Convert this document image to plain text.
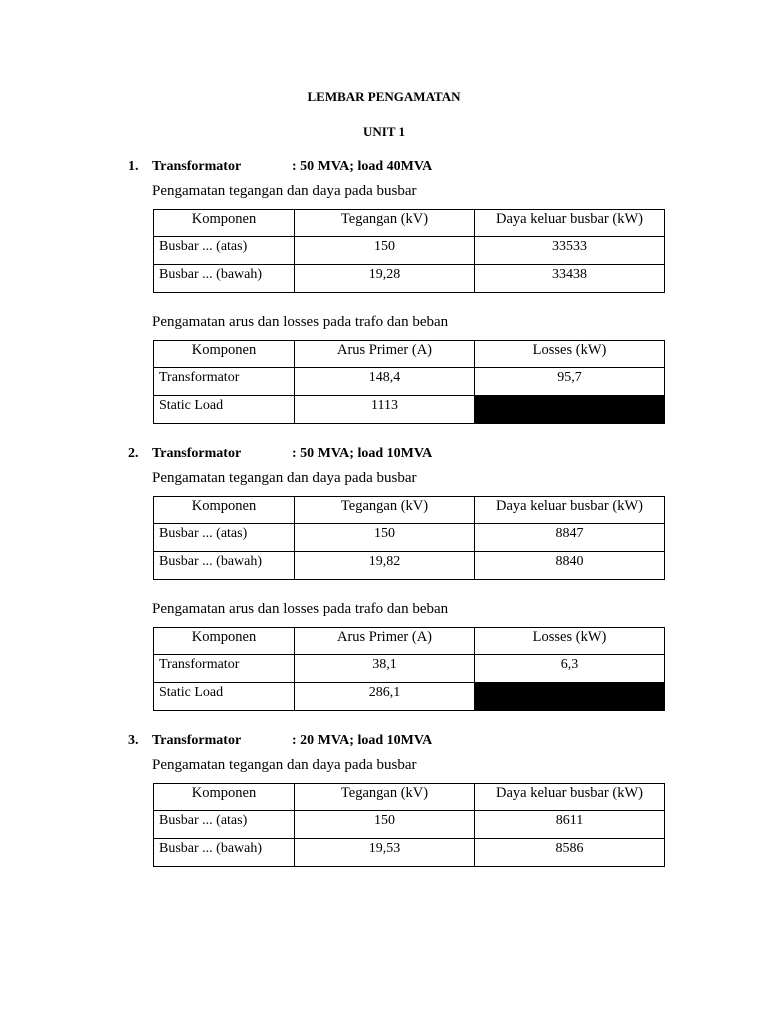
LEMBAR PENGAMATAN
UNIT 1
1. Transformator	: 50 MVA; load 40MVA
Pengamatan tegangan dan daya pada busbar
Komponen	Tegangan (kV)	Daya keluar busbar (kW)
Busbar ... (atas)	150	33533
Busbar ... (bawah)	19,28	33438
Pengamatan arus dan losses pada trafo dan beban
Komponen	Arus Primer (A)	Losses (kW)
Transformator	148,4	95,7
Static Load	1113	
2. Transformator	: 50 MVA; load 10MVA
Pengamatan tegangan dan daya pada busbar
Komponen	Tegangan (kV)	Daya keluar busbar (kW)
Busbar ... (atas)	150	8847
Busbar ... (bawah)	19,82	8840
Pengamatan arus dan losses pada trafo dan beban
Komponen	Arus Primer (A)	Losses (kW)
Transformator	38,1	6,3
Static Load	286,1	
3. Transformator	: 20 MVA; load 10MVA
Pengamatan tegangan dan daya pada busbar
Komponen	Tegangan (kV)	Daya keluar busbar (kW)
Busbar ... (atas)	150	8611
Busbar ... (bawah)	19,53	8586
